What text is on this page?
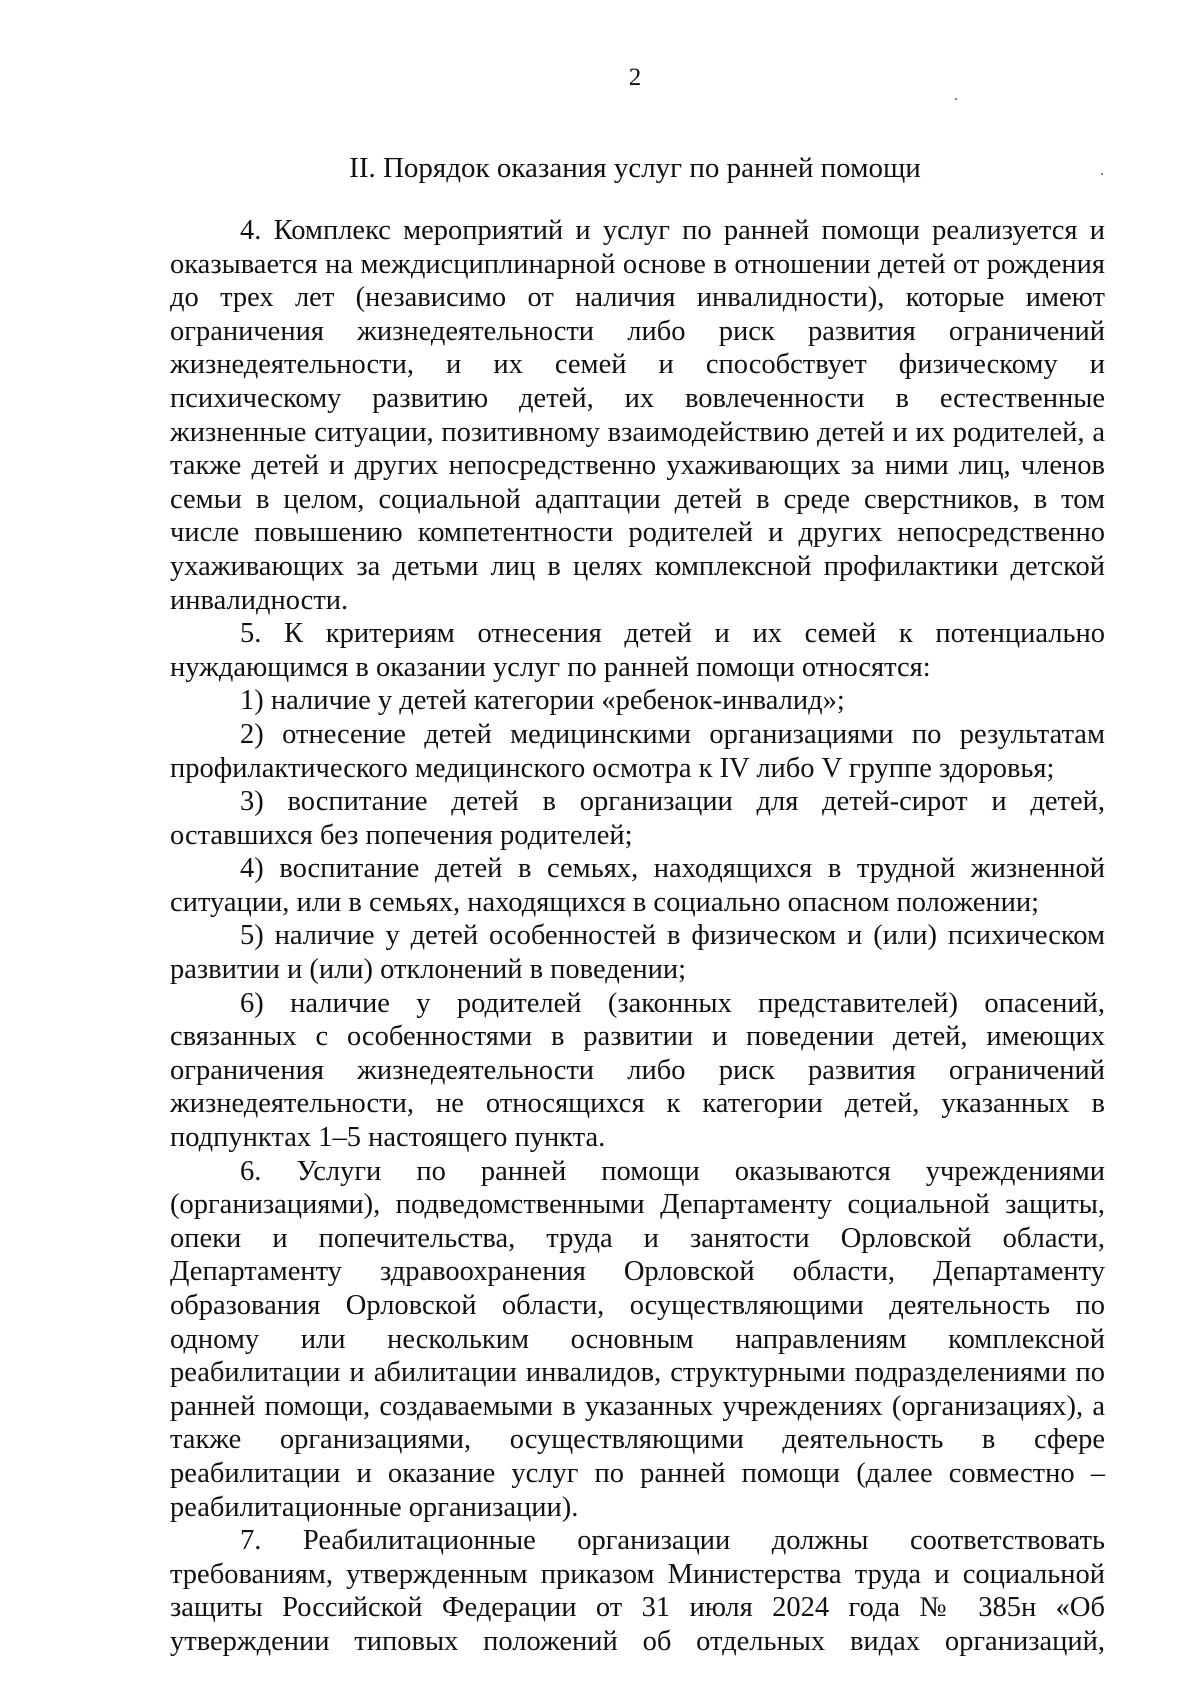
2
II. Порядок оказания услуг по ранней помощи

4. Комплекс мероприятий и услуг по ранней помощи реализуется и оказывается на междисциплинарной основе в отношении детей от рождения до трех лет (независимо от наличия инвалидности), которые имеют ограничения жизнедеятельности либо риск развития ограничений жизнедеятельности, и их семей и способствует физическому и психическому развитию детей, их вовлеченности в естественные жизненные ситуации, позитивному взаимодействию детей и их родителей, а также детей и других непосредственно ухаживающих за ними лиц, членов семьи в целом, социальной адаптации детей в среде сверстников, в том числе повышению компетентности родителей и других непосредственно ухаживающих за детьми лиц в целях комплексной профилактики детской инвалидности.

5. К критериям отнесения детей и их семей к потенциально нуждающимся в оказании услуг по ранней помощи относятся:

1) наличие у детей категории «ребенок-инвалид»;

2) отнесение детей медицинскими организациями по результатам профилактического медицинского осмотра к IV либо V группе здоровья;

3) воспитание детей в организации для детей-сирот и детей, оставшихся без попечения родителей;

4) воспитание детей в семьях, находящихся в трудной жизненной ситуации, или в семьях, находящихся в социально опасном положении;

5) наличие у детей особенностей в физическом и (или) психическом развитии и (или) отклонений в поведении;

6) наличие у родителей (законных представителей) опасений, связанных с особенностями в развитии и поведении детей, имеющих ограничения жизнедеятельности либо риск развития ограничений жизнедеятельности, не относящихся к категории детей, указанных в подпунктах 1–5 настоящего пункта.

6. Услуги по ранней помощи оказываются учреждениями (организациями), подведомственными Департаменту социальной защиты, опеки и попечительства, труда и занятости Орловской области, Департаменту здравоохранения Орловской области, Департаменту образования Орловской области, осуществляющими деятельность по одному или нескольким основным направлениям комплексной реабилитации и абилитации инвалидов, структурными подразделениями по ранней помощи, создаваемыми в указанных учреждениях (организациях), а также организациями, осуществляющими деятельность в сфере реабилитации и оказание услуг по ранней помощи (далее совместно – реабилитационные организации).

7. Реабилитационные организации должны соответствовать требованиям, утвержденным приказом Министерства труда и социальной защиты Российской Федерации от 31 июля 2024 года № 385н «Об утверждении типовых положений об отдельных видах организаций,
